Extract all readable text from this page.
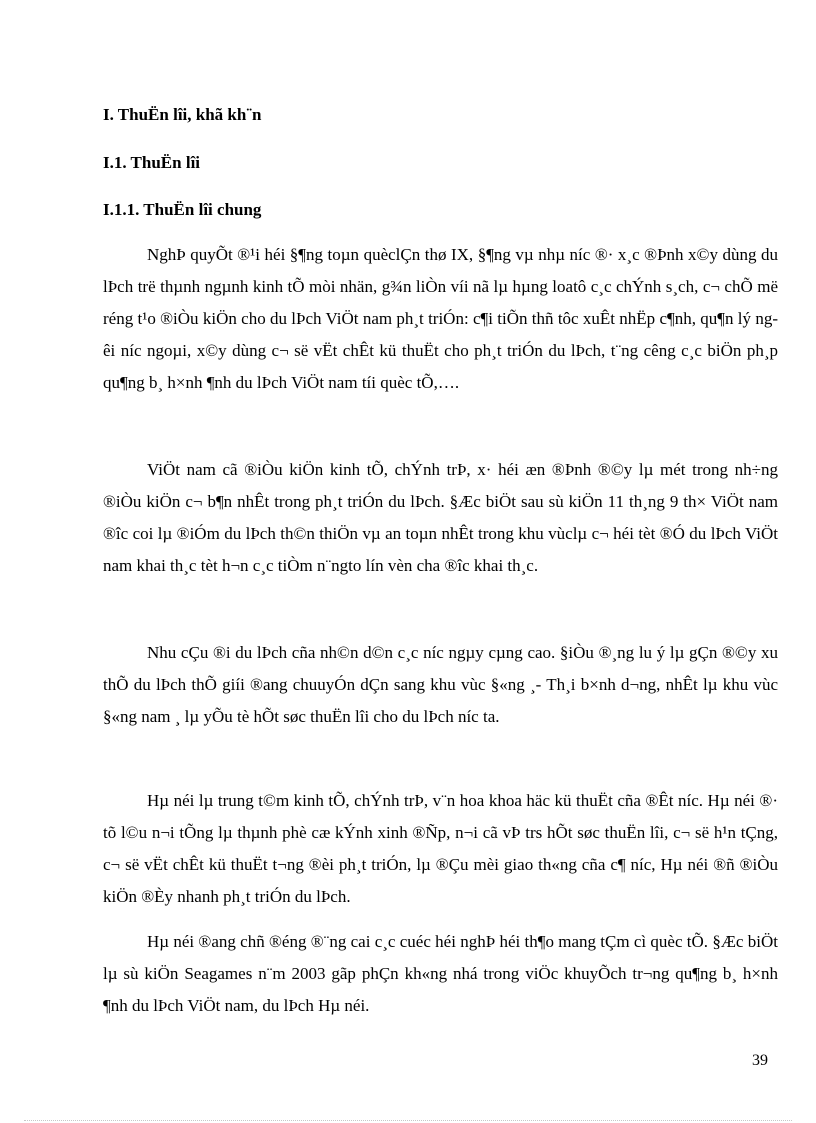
I. ThuËn lîi, khã kh¨n
I.1. ThuËn lîi
I.1.1. ThuËn lîi chung

NghÞ quyÕt ®¹i héi §¶ng toµn quèclÇn thø IX, §¶ng vµ nhµ níc ®· x¸c ®Þnh x©y dùng du lÞch trë thµnh ngµnh kinh tÕ mòi nhän, g¾n liÒn víi nã lµ hµng loatô c¸c chÝnh s¸ch, c¬ chÕ më réng t¹o ®iÒu kiÖn cho du lÞch ViÖt nam ph¸t triÓn: c¶i tiÕn thñ tôc xuÊt nhËp c¶nh, qu¶n lý ngêi níc ngoµi, x©y dùng c¬ së vËt chÊt kü thuËt cho ph¸t triÓn du lÞch, t¨ng cêng c¸c biÖn ph¸p qu¶ng b¸ h×nh ¶nh du lÞch ViÖt nam tíi quèc tÕ,….

ViÖt nam cã ®iÒu kiÖn kinh tÕ, chÝnh trÞ, x· héi æn ®Þnh ®©y lµ mét trong nh÷ng ®iÒu kiÖn c¬ b¶n nhÊt trong ph¸t triÓn du lÞch. §Æc biÖt sau sù kiÖn 11 th¸ng 9 th× ViÖt nam ®îc coi lµ ®iÓm du lÞch th©n thiÖn vµ an toµn nhÊt trong khu vùclµ c¬ héi tèt ®Ó du lÞch ViÖt nam khai th¸c tèt h¬n c¸c tiÒm n¨ngto lín vèn cha ®îc khai th¸c.

Nhu cÇu ®i du lÞch cña nh©n d©n c¸c níc ngµy cµng cao. §iÒu ®¸ng lu ý lµ gÇn ®©y xu thÕ du lÞch thÕ giíi ®ang chuuyÓn dÇn sang khu vùc §«ng ¸- Th¸i b×nh d¬ng, nhÊt lµ khu vùc §«ng nam ¸ lµ yÕu tè hÕt søc thuËn lîi cho du lÞch níc ta.

Hµ néi lµ trung t©m kinh tÕ, chÝnh trÞ, v¨n hoa khoa häc kü thuËt cña ®Êt níc. Hµ néi ®· tõ l©u n¬i tÕng lµ thµnh phè cæ kÝnh xinh ®Ñp, n¬i cã vÞ trs hÕt søc thuËn lîi, c¬ së h¹n tÇng, c¬ së vËt chÊt kü thuËt t¬ng ®èi ph¸t triÓn, lµ ®Çu mèi giao th«ng cña c¶ níc, Hµ néi ®ñ ®iÒu kiÖn ®Èy nhanh ph¸t triÓn du lÞch.

Hµ néi ®ang chñ ®éng ®¨ng cai c¸c cuéc héi nghÞ héi th¶o mang tÇm cì quèc tÕ. §Æc biÖt lµ sù kiÖn Seagames n¨m 2003 gãp phÇn kh«ng nhá trong viÖc khuyÕch tr¬ng qu¶ng b¸ h×nh ¶nh du lÞch ViÖt nam, du lÞch Hµ néi.

39
